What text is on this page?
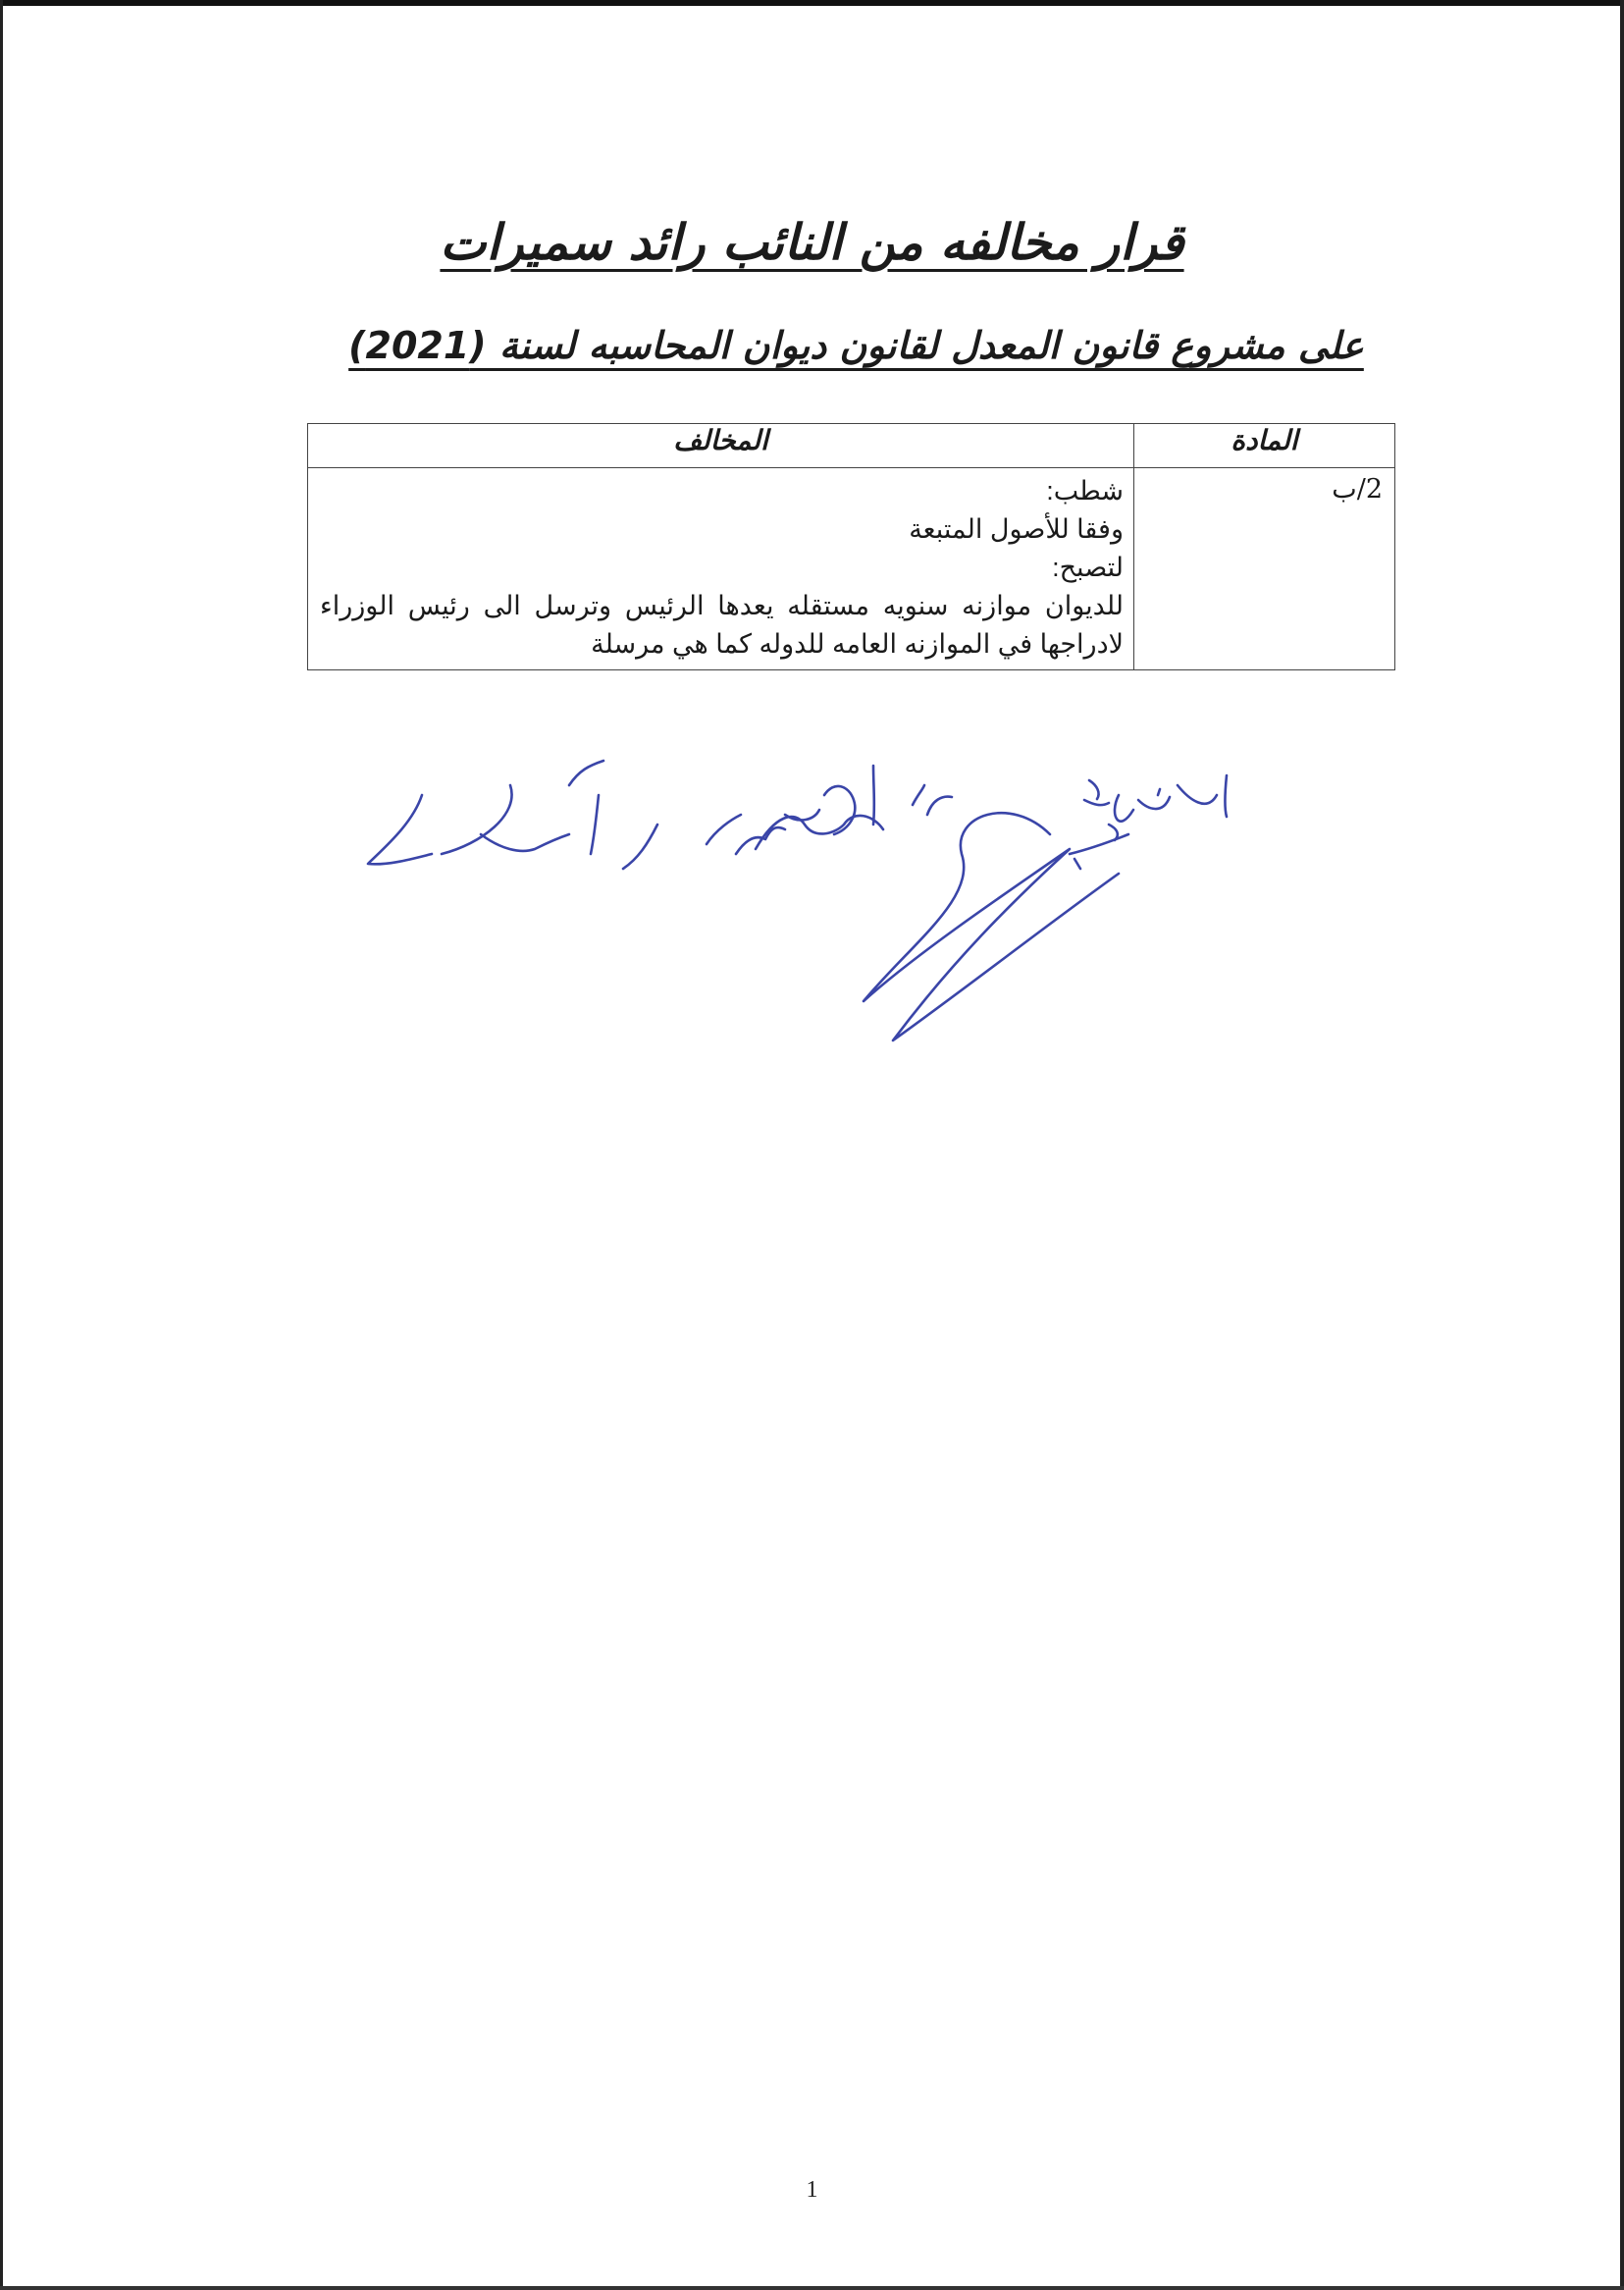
قرار مخالفه من النائب رائد سميرات
على مشروع قانون المعدل لقانون ديوان المحاسبه لسنة (2021)
المادة	المخالف
2/ب	شطب:

وفقا للأصول المتبعة

لتصبح:

للديوان موازنه سنويه مستقله يعدها الرئيس وترسل الى رئيس الوزراء لادراجها في الموازنه العامه للدوله كما هي مرسلة

1
